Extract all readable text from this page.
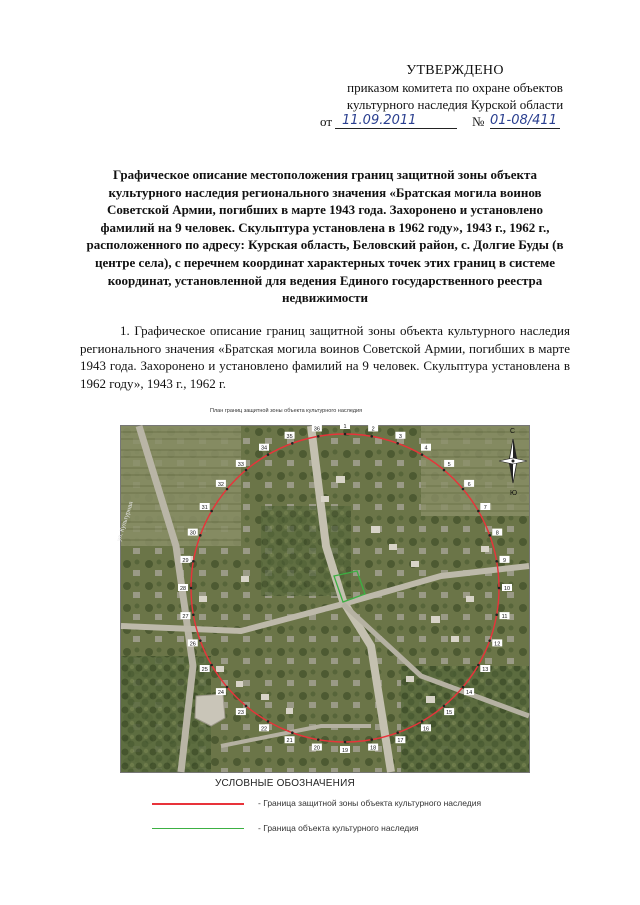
УТВЕРЖДЕНО
приказом комитета по охране объектов
культурного наследия Курской области
от 11.09.2011	№ 01-08/411
Графическое описание местоположения границ защитной зоны объекта культурного наследия регионального значения «Братская могила воинов Советской Армии, погибших в марте 1943 года. Захоронено и установлено фамилий на 9 человек. Скульптура установлена в 1962 году», 1943 г., 1962 г., расположенного по адресу: Курская область, Беловский район, с. Долгие Буды (в центре села), с перечнем координат характерных точек этих границ в системе координат, установленной для ведения Единого государственного реестра недвижимости
1. Графическое описание границ защитной зоны объекта культурного наследия регионального значения «Братская могила воинов Советской Армии, погибших в марте 1943 года. Захоронено и установлено фамилий на 9 человек. Скульптура установлена в 1962 году», 1943 г., 1962 г.
План границ защитной зоны объекта культурного наследия
1	2
3
4
5
6
7
8
9
10
11
12
13
14
15
16
17
18
19
20
21
22
23
24
25
26
27
28
29
30
31
32
33
34
35
36
ул. Культурная
С
Ю
УСЛОВНЫЕ ОБОЗНАЧЕНИЯ
- Граница защитной зоны объекта культурного наследия
- Граница объекта культурного наследия
